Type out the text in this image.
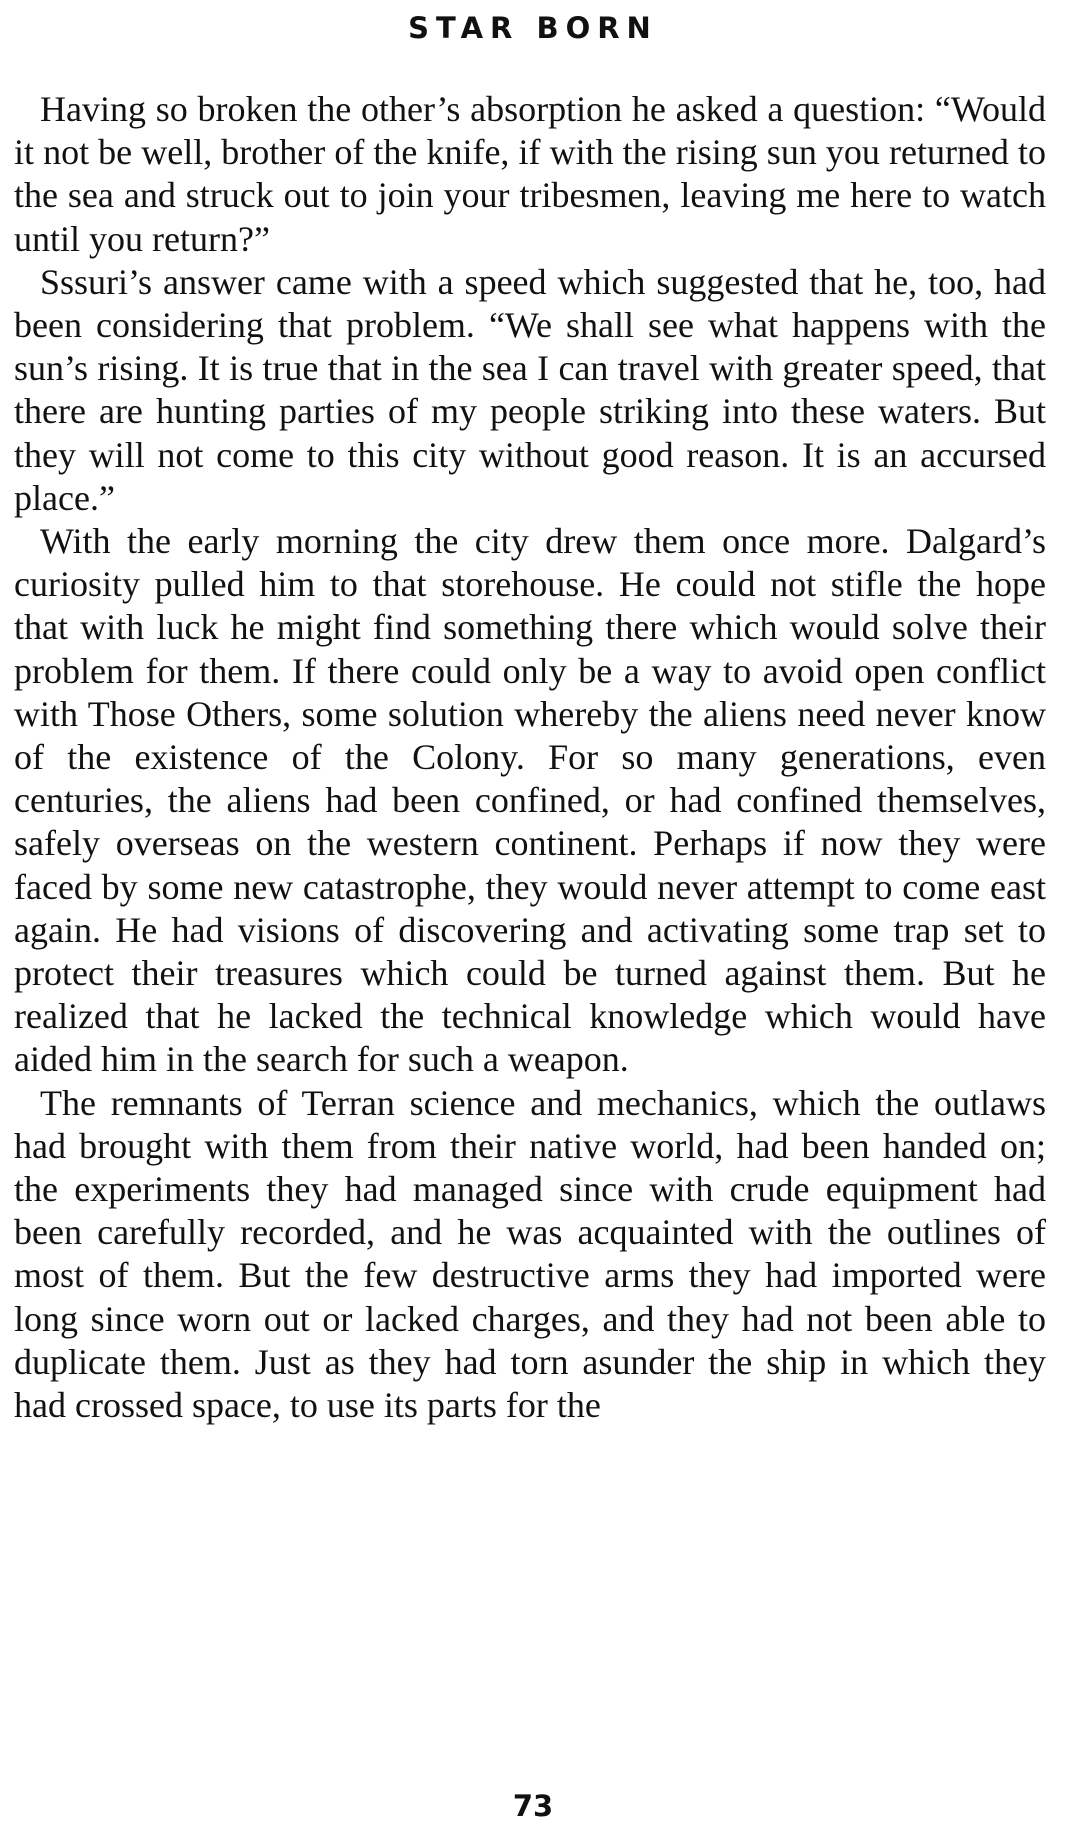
STAR BORN

Having so broken the other’s absorption he asked a question: “Would it not be well, brother of the knife, if with the rising sun you returned to the sea and struck out to join your tribesmen, leaving me here to watch until you return?”

Sssuri’s answer came with a speed which suggested that he, too, had been considering that problem. “We shall see what happens with the sun’s rising. It is true that in the sea I can travel with greater speed, that there are hunting parties of my people striking into these waters. But they will not come to this city without good reason. It is an accursed place.”

With the early morning the city drew them once more. Dalgard’s curiosity pulled him to that storehouse. He could not stifle the hope that with luck he might find something there which would solve their problem for them. If there could only be a way to avoid open conflict with Those Others, some solution whereby the aliens need never know of the existence of the Colony. For so many generations, even centuries, the aliens had been confined, or had confined themselves, safely overseas on the western continent. Perhaps if now they were faced by some new catastrophe, they would never attempt to come east again. He had visions of discovering and activating some trap set to protect their treasures which could be turned against them. But he realized that he lacked the technical knowledge which would have aided him in the search for such a weapon.

The remnants of Terran science and mechanics, which the outlaws had brought with them from their native world, had been handed on; the experiments they had managed since with crude equipment had been carefully recorded, and he was acquainted with the outlines of most of them. But the few destructive arms they had imported were long since worn out or lacked charges, and they had not been able to duplicate them. Just as they had torn asunder the ship in which they had crossed space, to use its parts for the

73
